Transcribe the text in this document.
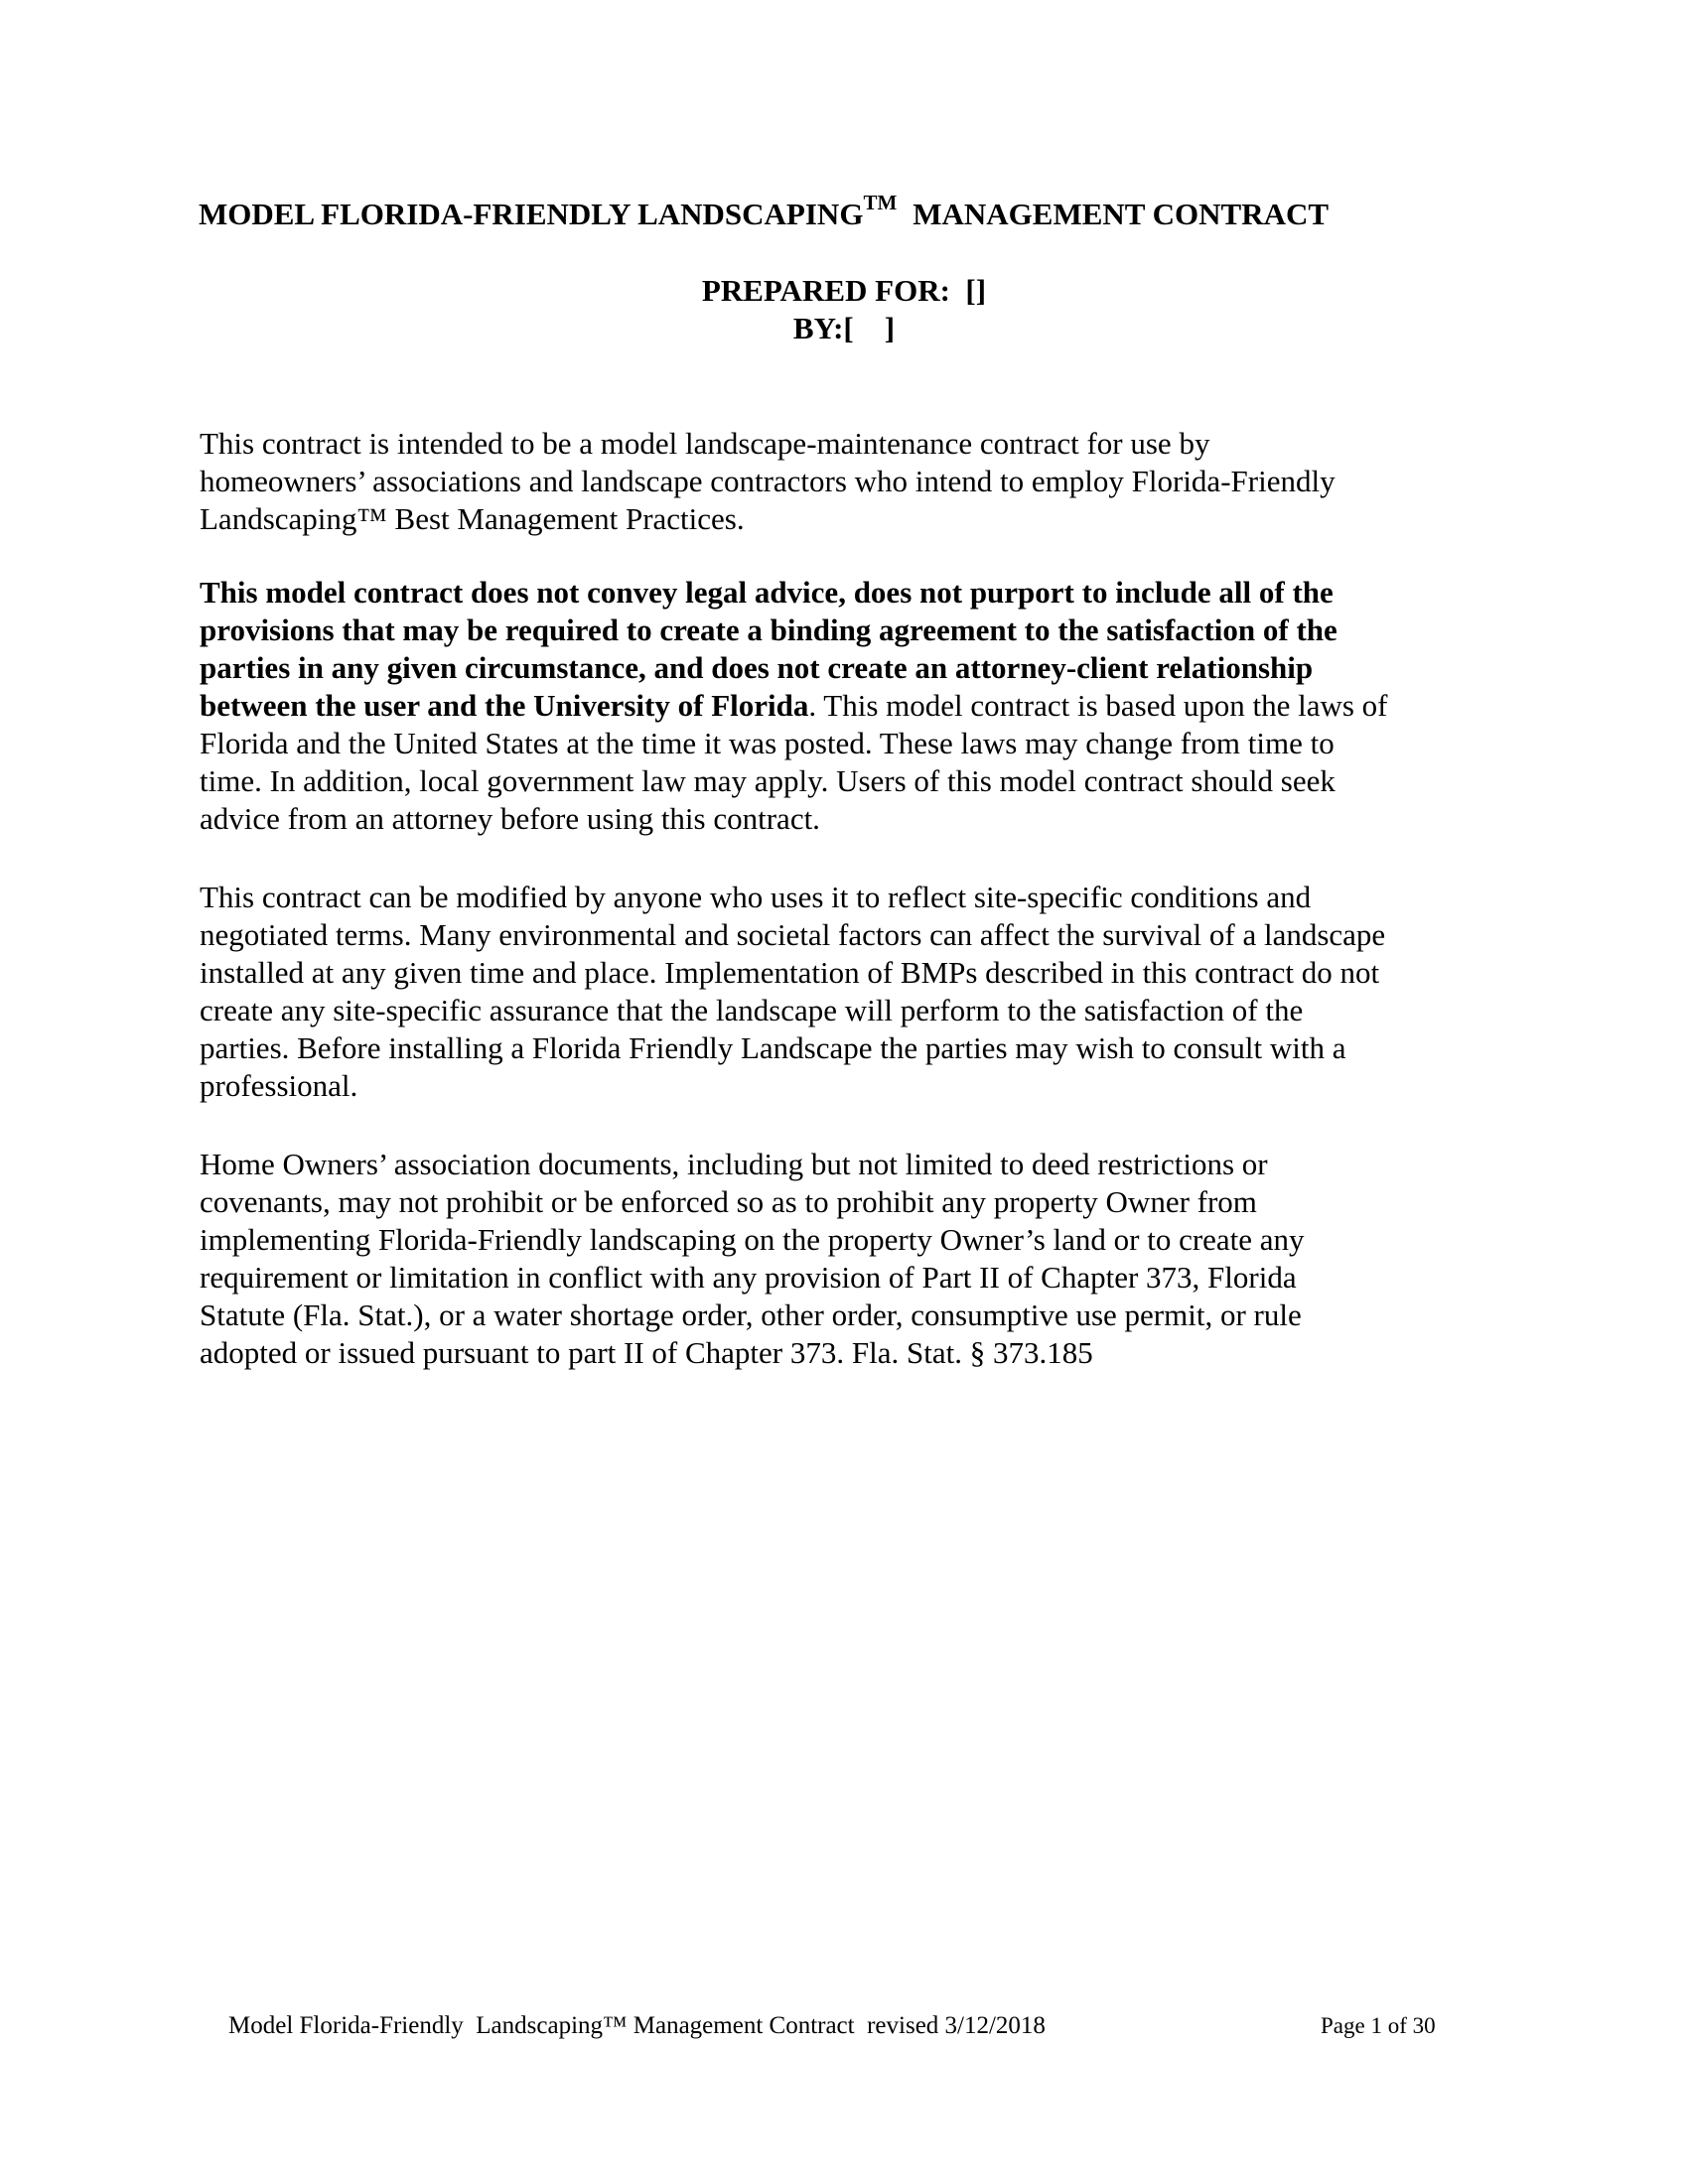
MODEL FLORIDA-FRIENDLY LANDSCAPING™ MANAGEMENT CONTRACT
PREPARED FOR:  []
BY:[    ]
This contract is intended to be a model landscape-maintenance contract for use by
homeowners’ associations and landscape contractors who intend to employ Florida-Friendly
Landscaping™ Best Management Practices.
This model contract does not convey legal advice, does not purport to include all of the
provisions that may be required to create a binding agreement to the satisfaction of the
parties in any given circumstance, and does not create an attorney-client relationship
between the user and the University of Florida. This model contract is based upon the laws of
Florida and the United States at the time it was posted. These laws may change from time to
time. In addition, local government law may apply. Users of this model contract should seek
advice from an attorney before using this contract.
This contract can be modified by anyone who uses it to reflect site-specific conditions and
negotiated terms. Many environmental and societal factors can affect the survival of a landscape
installed at any given time and place. Implementation of BMPs described in this contract do not
create any site-specific assurance that the landscape will perform to the satisfaction of the
parties. Before installing a Florida Friendly Landscape the parties may wish to consult with a
professional.
Home Owners’ association documents, including but not limited to deed restrictions or
covenants, may not prohibit or be enforced so as to prohibit any property Owner from
implementing Florida-Friendly landscaping on the property Owner’s land or to create any
requirement or limitation in conflict with any provision of Part II of Chapter 373, Florida
Statute (Fla. Stat.), or a water shortage order, other order, consumptive use permit, or rule
adopted or issued pursuant to part II of Chapter 373. Fla. Stat. § 373.185
Model Florida-Friendly  Landscaping™ Management Contract  revised 3/12/2018	Page 1 of 30
